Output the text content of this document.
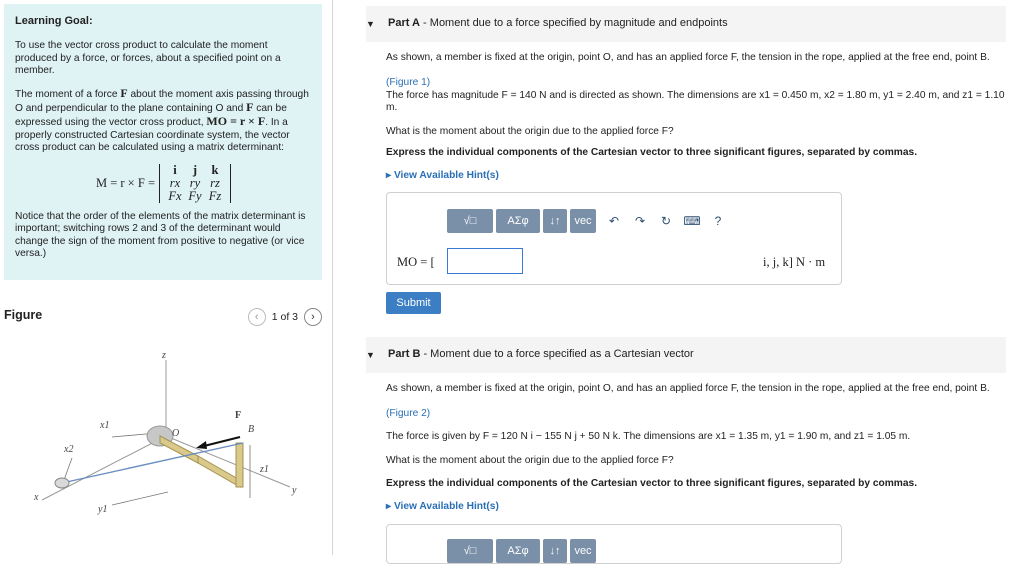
Learning Goal:

To use the vector cross product to calculate the moment produced by a force, or forces, about a specified point on a member.

The moment of a force F about the moment axis passing through O and perpendicular to the plane containing O and F can be expressed using the vector cross product, MO = r × F. In a properly constructed Cartesian coordinate system, the vector cross product can be calculated using a matrix determinant:

M = r × F =
i	j	k
rx ry rz
Fx Fy Fz

Notice that the order of the elements of the matrix determinant is important; switching rows 2 and 3 of the determinant would change the sign of the moment from positive to negative (or vice versa.)

Figure	‹	1 of 3	›
z
x1
x2
O
F
B
z1
y
x
y1
▼ Part A - Moment due to a force specified by magnitude and endpoints
As shown, a member is fixed at the origin, point O, and has an applied force F, the tension in the rope, applied at the free end, point B.
(Figure 1)
The force has magnitude F = 140 N and is directed as shown. The dimensions are x1 = 0.450 m, x2 = 1.80 m, y1 = 2.40 m, and z1 = 1.10 m.
What is the moment about the origin due to the applied force F?
Express the individual components of the Cartesian vector to three significant figures, separated by commas.
▸ View Available Hint(s)
√□	ΑΣφ	↓↑	vec	↶	↷	↻	⌨	?
MO = [	i, j, k] N · m
Submit
▼ Part B - Moment due to a force specified as a Cartesian vector
As shown, a member is fixed at the origin, point O, and has an applied force F, the tension in the rope, applied at the free end, point B.
(Figure 2)
The force is given by F = 120 N i − 155 N j + 50 N k. The dimensions are x1 = 1.35 m, y1 = 1.90 m, and z1 = 1.05 m.
What is the moment about the origin due to the applied force F?
Express the individual components of the Cartesian vector to three significant figures, separated by commas.
▸ View Available Hint(s)
√□	ΑΣφ	↓↑	vec
